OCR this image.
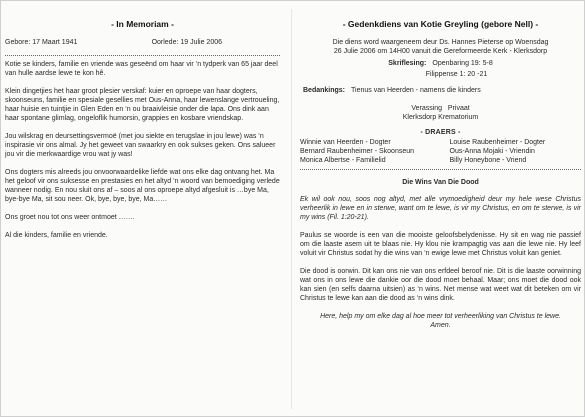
- In Memoriam -
Gebore: 17 Maart 1941	Oorlede: 19 Julie 2006

Kotie se kinders, familie en vriende was geseënd om haar vir ‘n tydperk van 65 jaar deel van hulle aardse lewe te kon hê.

Klein dingetjies het haar groot plesier verskaf: kuier en oproepe van haar dogters, skoonseuns, familie en spesiale gesellies met Ous-Anna, haar lewenslange vertroueling, haar huisie en tuintjie in Glen Eden en ‘n ou braaivleisie onder die lapa. Ons dink aan haar spontane glimlag, ongeloflik humorsin, grappies en kosbare vriendskap.

Jou wilskrag en deursettingsvermoë (met jou siekte en terugslae in jou lewe) was ‘n inspirasie vir ons almal. Jy het geweet van swaarkry en ook sukses geken. Ons salueer jou vir die merkwaardige vrou wat jy was!

Ons dogters mis alreeds jou onvoorwaardelike liefde wat ons elke dag ontvang het. Ma het geloof vir ons suksesse en prestasies en het altyd ‘n woord van bemoediging verlede wanneer nodig. En nou sluit ons af – soos al ons oproepe altyd afgesluit is …bye Ma, bye-bye Ma, sit sou neer. Ok, bye, bye, bye, Ma……

Ons groet nou tot ons weer ontmoet …….

Al die kinders, familie en vriende.

- Gedenkdiens van Kotie Greyling (gebore Nell) -

Die diens word waargeneem deur Ds. Hannes Pieterse op Woensdag

26 Julie 2006 om 14H00 vanuit die Gereformeerde Kerk - Klerksdorp

Skriflesing: Openbaring 19: 5-8

Filippense 1: 20 -21

Bedankings: Tienus van Heerden - namens die kinders

Verassing   Privaat

Klerksdorp Krematorium

- DRAERS -
Winnie van Heerden - Dogter	Louise Raubenheimer - Dogter
Bernard Raubenheimer - Skoonseun	Ous-Anna Mojaki - Vriendin
Monica Albertse - Familielid	Billy Honeybone - Vriend
Die Wins Van Die Dood

Ek wil ook nou, soos nog altyd, met alle vrymoedigheid deur my hele wese Christus verheerlik in lewe en in sterwe, want om te lewe, is vir my Christus, en om te sterwe, is vir my wins (Fil. 1:20-21).

Paulus se woorde is een van die mooiste geloofsbelydenisse. Hy sit en wag nie passief om die laaste asem uit te blaas nie. Hy klou nie krampagtig vas aan die lewe nie. Hy leef voluit vir Christus sodat hy die wins van ‘n ewige lewe met Christus voluit kan geniet.

Die dood is oorwin. Dit kan ons nie van ons erfdeel beroof nie. Dit is die laaste oorwinning wat ons in ons lewe die dankie oor die dood moet behaal. Maar; ons moet die dood ook kan sien (en selfs daarna uitsien) as ‘n wins. Net mense wat weet wat dit beteken om vir Christus te lewe kan aan die dood as ‘n wins dink.

Here, help my om elke dag al hoe meer tot verheerliking van Christus te lewe. Amen.
